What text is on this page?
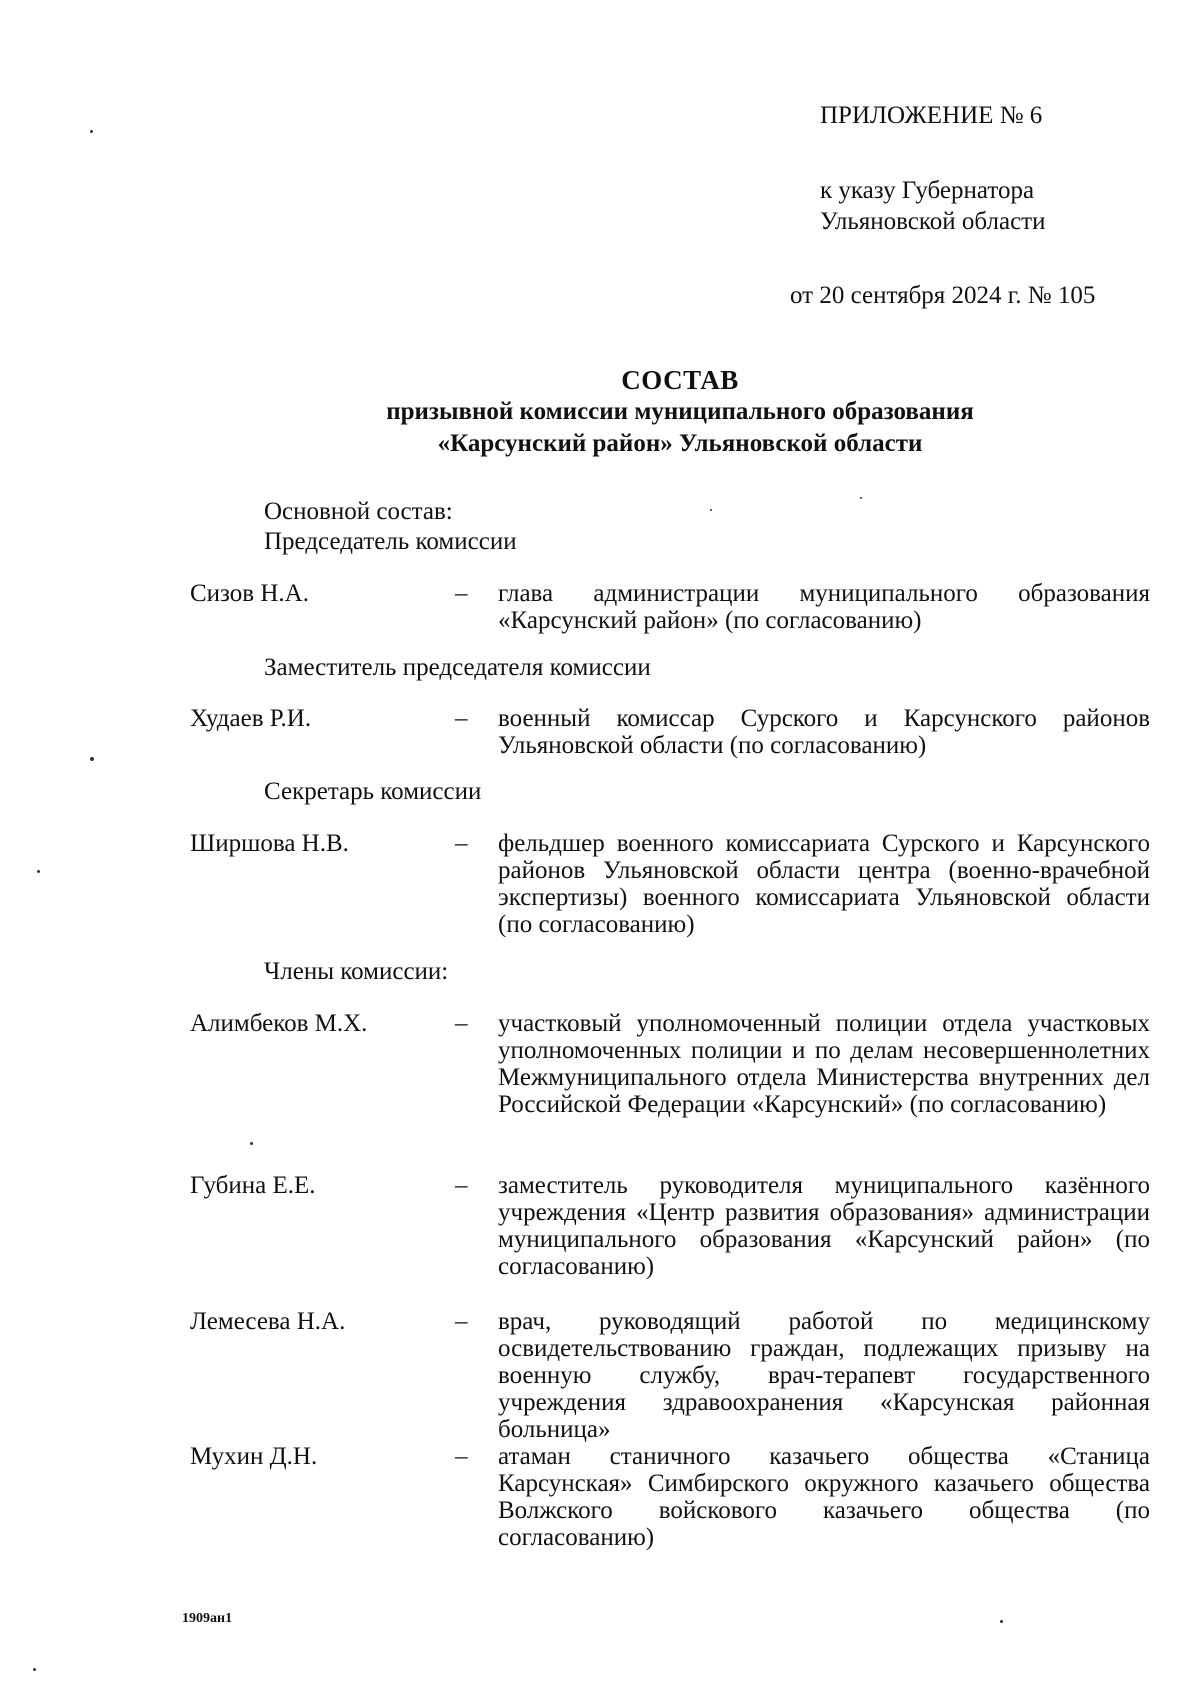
ПРИЛОЖЕНИЕ № 6
к указу Губернатора
Ульяновской области
от 20 сентября 2024 г. № 105
СОСТАВ
призывной комиссии муниципального образования
«Карсунский район» Ульяновской области
Основной состав:
Председатель комиссии
Сизов Н.А.	– глава администрации муниципального образования «Карсунский район» (по согласованию)
Заместитель председателя комиссии
Худаев Р.И.	– военный комиссар Сурского и Карсунского районов Ульяновской области (по согласованию)
Секретарь комиссии
Ширшова Н.В.	– фельдшер военного комиссариата Сурского и Карсунского районов Ульяновской области центра (военно-врачебной экспертизы) военного комиссариата Ульяновской области (по согласованию)
Члены комиссии:
Алимбеков М.Х.	– участковый уполномоченный полиции отдела участковых уполномоченных полиции и по делам несовершеннолетних Межмуниципального отдела Министерства внутренних дел Российской Федерации «Карсунский» (по согласованию)
Губина Е.Е.	– заместитель руководителя муниципального казённого учреждения «Центр развития образования» администрации муниципального образования «Карсунский район» (по согласованию)
Лемесева Н.А.	– врач, руководящий работой по медицинскому освидетельствованию граждан, подлежащих призыву на военную службу, врач-терапевт государственного учреждения здравоохранения «Карсунская районная больница»
Мухин Д.Н.	– атаман станичного казачьего общества «Станица Карсунская» Симбирского окружного казачьего общества Волжского войскового казачьего общества (по согласованию)
1909ан1
